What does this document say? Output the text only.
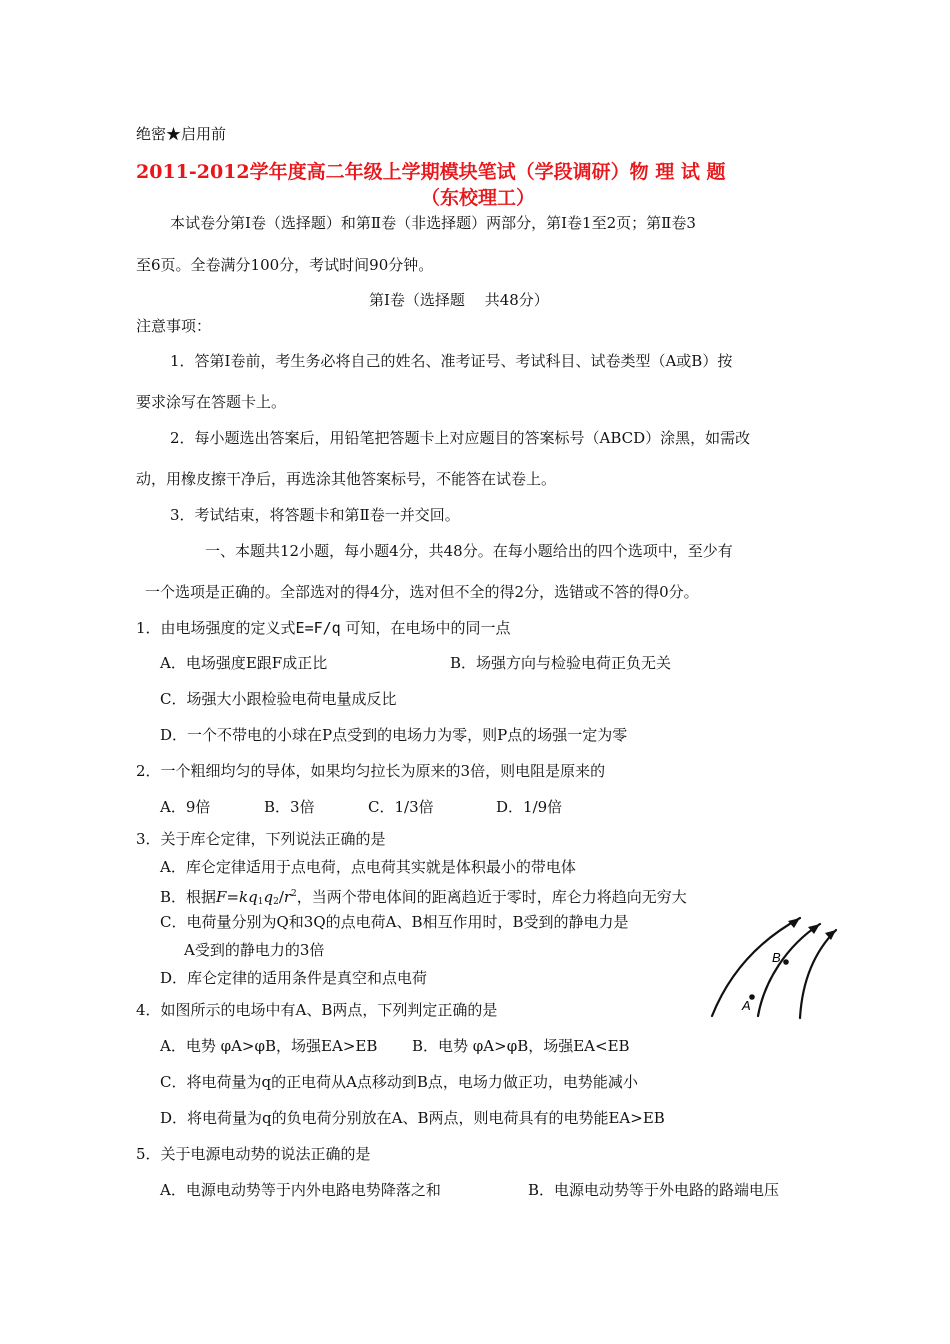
绝密★启用前
2011-2012学年度高二年级上学期模块笔试（学段调研）物 理 试 题
（东校理工）
本试卷分第Ⅰ卷（选择题）和第Ⅱ卷（非选择题）两部分，第Ⅰ卷1至2页；第Ⅱ卷3
至6页。全卷满分100分，考试时间90分钟。
第Ⅰ卷（选择题　 共48分）
注意事项：
1．答第Ⅰ卷前，考生务必将自己的姓名、准考证号、考试科目、试卷类型（A或B）按
要求涂写在答题卡上。
2．每小题选出答案后，用铅笔把答题卡上对应题目的答案标号（ABCD）涂黑，如需改
动，用橡皮擦干净后，再选涂其他答案标号，不能答在试卷上。
3．考试结束，将答题卡和第Ⅱ卷一并交回。
一、本题共12小题，每小题4分，共48分。在每小题给出的四个选项中，至少有
一个选项是正确的。全部选对的得4分，选对但不全的得2分，选错或不答的得0分。
1．由电场强度的定义式E=F/q 可知，在电场中的同一点
A．电场强度E跟F成正比	B．场强方向与检验电荷正负无关
C．场强大小跟检验电荷电量成反比
D．一个不带电的小球在P点受到的电场力为零，则P点的场强一定为零
2．一个粗细均匀的导体，如果均匀拉长为原来的3倍，则电阻是原来的
A．9倍	B．3倍	C．1/3倍	D．1/9倍
3．关于库仑定律，下列说法正确的是
A．库仑定律适用于点电荷，点电荷其实就是体积最小的带电体
B．根据$F=kq_1q_2/r^2$，当两个带电体间的距离趋近于零时，库仑力将趋向无穷大
C．电荷量分别为Q和3Q的点电荷A、B相互作用时，B受到的静电力是
A受到的静电力的3倍
D．库仑定律的适用条件是真空和点电荷
A
B
4．如图所示的电场中有A、B两点，下列判定正确的是
A．电势 φA>φB，场强EA>EB B．电势 φA>φB，场强EA<EB
C．将电荷量为q的正电荷从A点移动到B点，电场力做正功，电势能减小
D．将电荷量为q的负电荷分别放在A、B两点，则电荷具有的电势能EA>EB
5．关于电源电动势的说法正确的是
A．电源电动势等于内外电路电势降落之和	B．电源电动势等于外电路的路端电压
